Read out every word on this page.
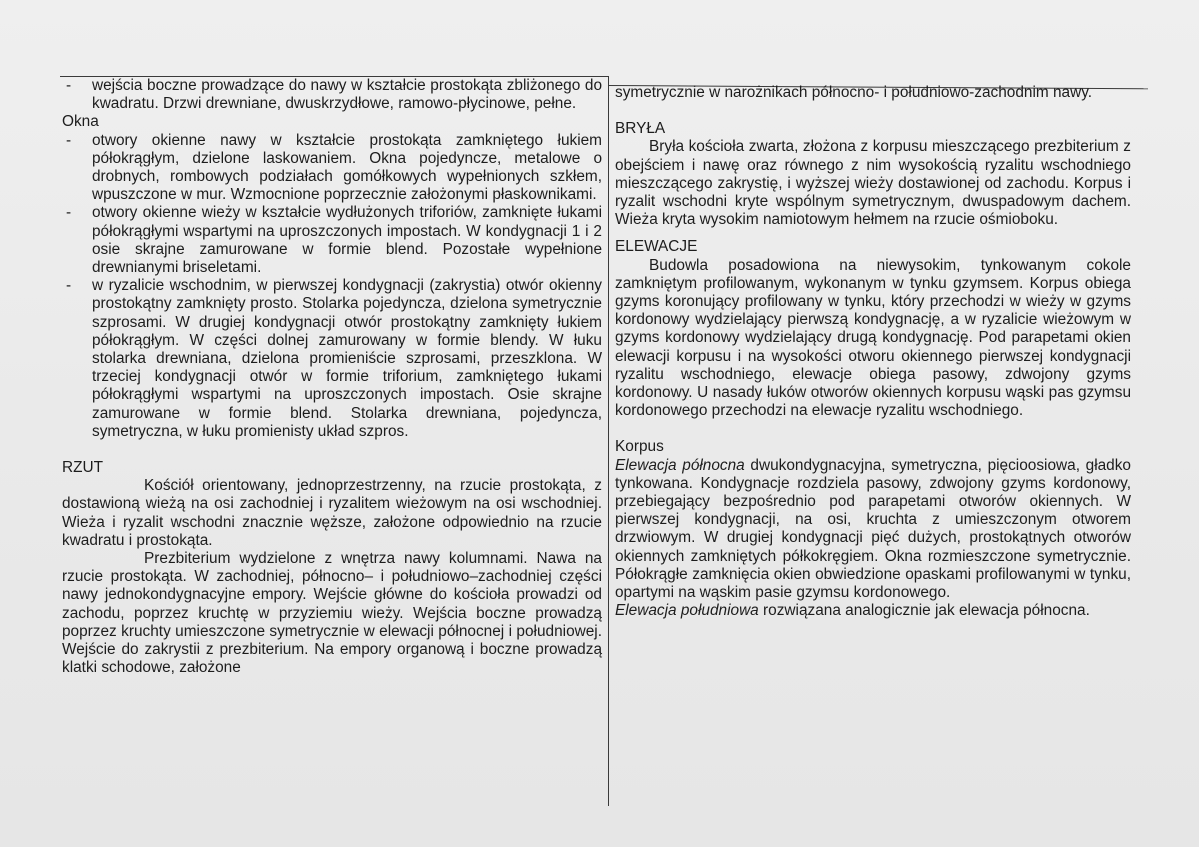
- wejścia boczne prowadzące do nawy w kształcie prostokąta zbliżonego do kwadratu. Drzwi drewniane, dwuskrzydłowe, ramowo-płycinowe, pełne.

Okna

- otwory okienne nawy w kształcie prostokąta zamkniętego łukiem półokrągłym, dzielone laskowaniem. Okna pojedyncze, metalowe o drobnych, rombowych podziałach gomółkowych wypełnionych szkłem, wpuszczone w mur. Wzmocnione poprzecznie założonymi płaskownikami.

- otwory okienne wieży w kształcie wydłużonych triforiów, zamknięte łukami półokrągłymi wspartymi na uproszczonych impostach. W kondygnacji 1 i 2 osie skrajne zamurowane w formie blend. Pozostałe wypełnione drewnianymi briseletami.

- w ryzalicie wschodnim, w pierwszej kondygnacji (zakrystia) otwór okienny prostokątny zamknięty prosto. Stolarka pojedyncza, dzielona symetrycznie szprosami. W drugiej kondygnacji otwór prostokątny zamknięty łukiem półokrągłym. W części dolnej zamurowany w formie blendy. W łuku stolarka drewniana, dzielona promieniście szprosami, przeszklona. W trzeciej kondygnacji otwór w formie triforium, zamkniętego łukami półokrągłymi wspartymi na uproszczonych impostach. Osie skrajne zamurowane w formie blend. Stolarka drewniana, pojedyncza, symetryczna, w łuku promienisty układ szpros.

RZUT

Kościół orientowany, jednoprzestrzenny, na rzucie prostokąta, z dostawioną wieżą na osi zachodniej i ryzalitem wieżowym na osi wschodniej. Wieża i ryzalit wschodni znacznie węższe, założone odpowiednio na rzucie kwadratu i prostokąta.

Prezbiterium wydzielone z wnętrza nawy kolumnami. Nawa na rzucie prostokąta. W zachodniej, północno– i południowo–zachodniej części nawy jednokondygnacyjne empory. Wejście główne do kościoła prowadzi od zachodu, poprzez kruchtę w przyziemiu wieży. Wejścia boczne prowadzą poprzez kruchty umieszczone symetrycznie w elewacji północnej i południowej. Wejście do zakrystii z prezbiterium. Na empory organową i boczne prowadzą klatki schodowe, założone

symetrycznie w narożnikach północno- i południowo-zachodnim nawy.

BRYŁA

Bryła kościoła zwarta, złożona z korpusu mieszczącego prezbiterium z obejściem i nawę oraz równego z nim wysokością ryzalitu wschodniego mieszczącego zakrystię, i wyższej wieży dostawionej od zachodu. Korpus i ryzalit wschodni kryte wspólnym symetrycznym, dwuspadowym dachem. Wieża kryta wysokim namiotowym hełmem na rzucie ośmioboku.

ELEWACJE

Budowla posadowiona na niewysokim, tynkowanym cokole zamkniętym profilowanym, wykonanym w tynku gzymsem. Korpus obiega gzyms koronujący profilowany w tynku, który przechodzi w wieży w gzyms kordonowy wydzielający pierwszą kondygnację, a w ryzalicie wieżowym w gzyms kordonowy wydzielający drugą kondygnację. Pod parapetami okien elewacji korpusu i na wysokości otworu okiennego pierwszej kondygnacji ryzalitu wschodniego, elewacje obiega pasowy, zdwojony gzyms kordonowy. U nasady łuków otworów okiennych korpusu wąski pas gzymsu kordonowego przechodzi na elewacje ryzalitu wschodniego.

Korpus

Elewacja północna dwukondygnacyjna, symetryczna, pięcioosiowa, gładko tynkowana. Kondygnacje rozdziela pasowy, zdwojony gzyms kordonowy, przebiegający bezpośrednio pod parapetami otworów okiennych. W pierwszej kondygnacji, na osi, kruchta z umieszczonym otworem drzwiowym. W drugiej kondygnacji pięć dużych, prostokątnych otworów okiennych zamkniętych półkokręgiem. Okna rozmieszczone symetrycznie. Półokrągłe zamknięcia okien obwiedzione opaskami profilowanymi w tynku, opartymi na wąskim pasie gzymsu kordonowego.

Elewacja południowa rozwiązana analogicznie jak elewacja północna.
